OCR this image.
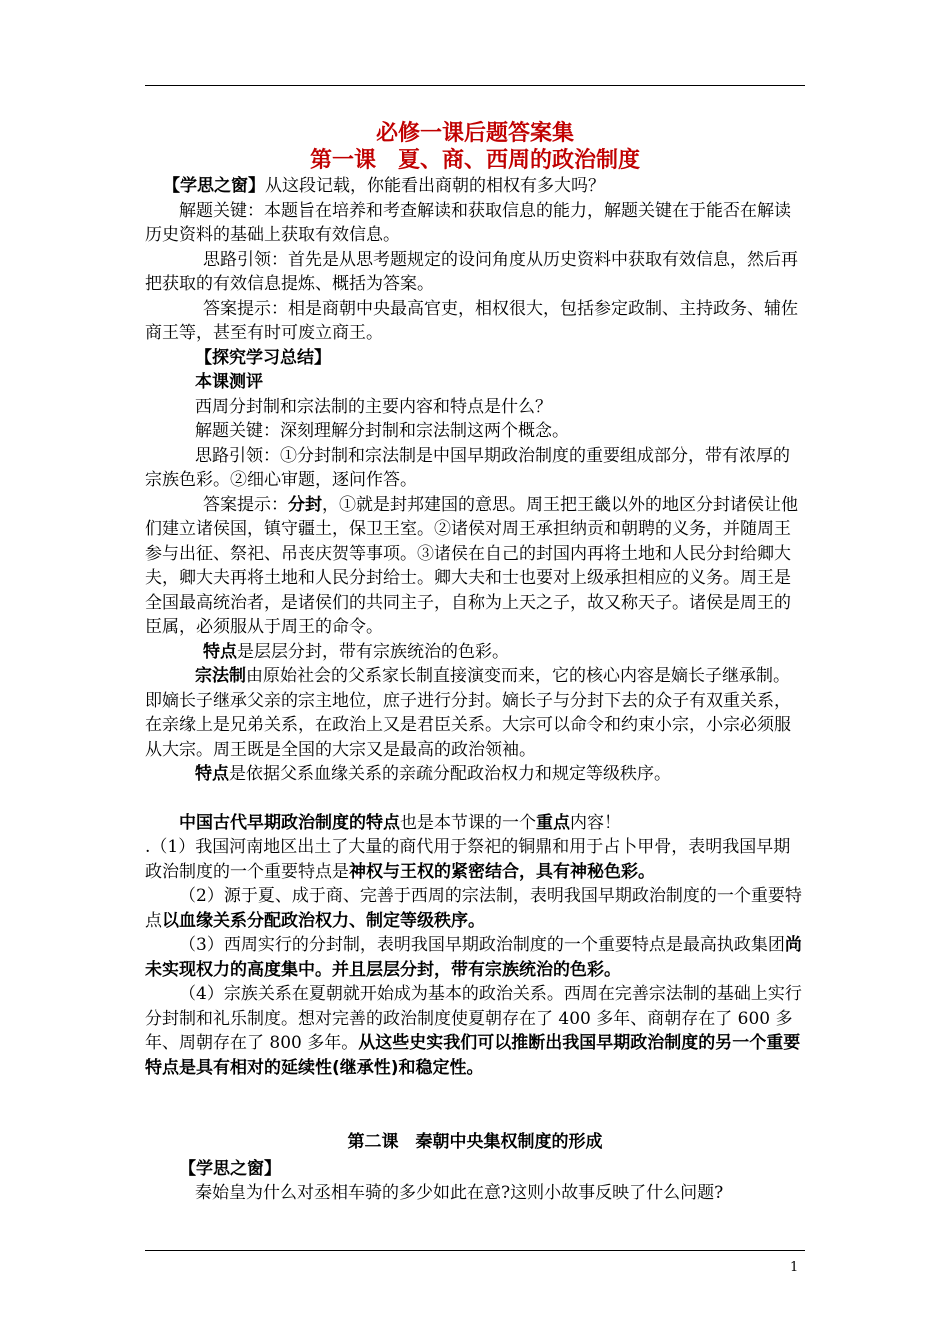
必修一课后题答案集
第一课　夏、商、西周的政治制度

【学思之窗】从这段记载，你能看出商朝的相权有多大吗？

解题关键：本题旨在培养和考查解读和获取信息的能力，解题关键在于能否在解读历史资料的基础上获取有效信息。

思路引领：首先是从思考题规定的设问角度从历史资料中获取有效信息，然后再把获取的有效信息提炼、概括为答案。

答案提示：相是商朝中央最高官吏，相权很大，包括参定政制、主持政务、辅佐商王等，甚至有时可废立商王。

【探究学习总结】

本课测评

西周分封制和宗法制的主要内容和特点是什么？

解题关键：深刻理解分封制和宗法制这两个概念。

思路引领：①分封制和宗法制是中国早期政治制度的重要组成部分，带有浓厚的宗族色彩。②细心审题，逐问作答。

答案提示：分封，①就是封邦建国的意思。周王把王畿以外的地区分封诸侯让他们建立诸侯国，镇守疆土，保卫王室。②诸侯对周王承担纳贡和朝聘的义务，并随周王参与出征、祭祀、吊丧庆贺等事项。③诸侯在自己的封国内再将土地和人民分封给卿大夫，卿大夫再将土地和人民分封给士。卿大夫和士也要对上级承担相应的义务。周王是全国最高统治者，是诸侯们的共同主子，自称为上天之子，故又称天子。诸侯是周王的臣属，必须服从于周王的命令。

特点是层层分封，带有宗族统治的色彩。

宗法制由原始社会的父系家长制直接演变而来，它的核心内容是嫡长子继承制。即嫡长子继承父亲的宗主地位，庶子进行分封。嫡长子与分封下去的众子有双重关系，在亲缘上是兄弟关系，在政治上又是君臣关系。大宗可以命令和约束小宗，小宗必须服从大宗。周王既是全国的大宗又是最高的政治领袖。

特点是依据父系血缘关系的亲疏分配政治权力和规定等级秩序。

中国古代早期政治制度的特点也是本节课的一个重点内容！

.（1）我国河南地区出土了大量的商代用于祭祀的铜鼎和用于占卜甲骨，表明我国早期政治制度的一个重要特点是神权与王权的紧密结合，具有神秘色彩。

（2）源于夏、成于商、完善于西周的宗法制，表明我国早期政治制度的一个重要特点以血缘关系分配政治权力、制定等级秩序。

（3）西周实行的分封制，表明我国早期政治制度的一个重要特点是最高执政集团尚未实现权力的高度集中。并且层层分封，带有宗族统治的色彩。

（4）宗族关系在夏朝就开始成为基本的政治关系。西周在完善宗法制的基础上实行分封制和礼乐制度。想对完善的政治制度使夏朝存在了 400 多年、商朝存在了 600 多年、周朝存在了 800 多年。从这些史实我们可以推断出我国早期政治制度的另一个重要特点是具有相对的延续性(继承性)和稳定性。

第二课　秦朝中央集权制度的形成

【学思之窗】

秦始皇为什么对丞相车骑的多少如此在意?这则小故事反映了什么问题?

1
